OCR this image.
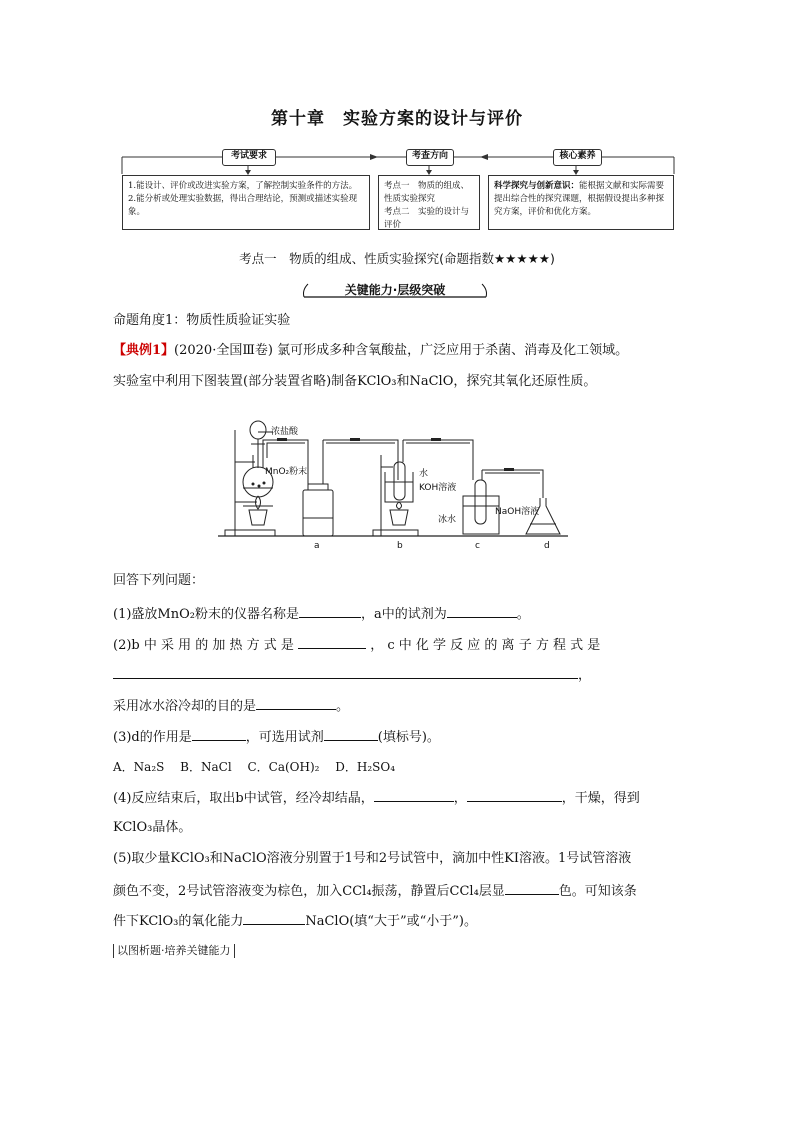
第十章　实验方案的设计与评价
考试要求	考查方向	核心素养
1.能设计、评价或改进实验方案，了解控制实验条件的方法。
2.能分析或处理实验数据，得出合理结论，预测或描述实验现象。
考点一　物质的组成、性质实验探究
考点二　实验的设计与评价
科学探究与创新意识：能根据文献和实际需要提出综合性的探究课题，根据假设提出多种探究方案，评价和优化方案。
考点一　物质的组成、性质实验探究(命题指数★★★★★)
关键能力·层级突破
命题角度1：物质性质验证实验
【典例1】(2020·全国Ⅲ卷) 氯可形成多种含氧酸盐，广泛应用于杀菌、消毒及化工领域。
实验室中利用下图装置(部分装置省略)制备KClO₃和NaClO，探究其氧化还原性质。
浓盐酸
MnO₂粉末	水
KOH溶液
冰水
NaOH溶液
a	b	c	d
回答下列问题：
(1)盛放MnO₂粉末的仪器名称是	，a中的试剂为	。
(2)b 中 采 用 的 加 热 方 式 是	， c 中 化 学 反 应 的 离 子 方 程 式 是
，
采用冰水浴冷却的目的是	。
(3)d的作用是	，可选用试剂	(填标号)。
A．Na₂S　 B．NaCl　 C．Ca(OH)₂　 D．H₂SO₄
(4)反应结束后，取出b中试管，经冷却结晶，	，	，干燥，得到
KClO₃晶体。
(5)取少量KClO₃和NaClO溶液分别置于1号和2号试管中，滴加中性KI溶液。1号试管溶液
颜色不变，2号试管溶液变为棕色，加入CCl₄振荡，静置后CCl₄层显	色。可知该条
件下KClO₃的氧化能力	NaClO(填“大于”或“小于”)。
以图析题·培养关键能力
